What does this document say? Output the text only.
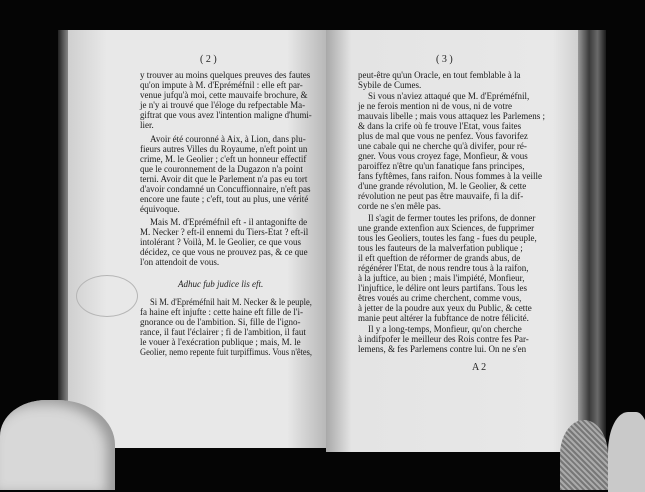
( 2 )
y trouver au moins quelques preuves des fautes
qu'on impute à M. d'Epréméfnil : elle eft par-
venue jufqu'à moi, cette mauvaife brochure, &
je n'y ai trouvé que l'éloge du refpectable Ma-
giftrat que vous avez l'intention maligne d'humi-
lier.
Avoir été couronné à Aix, à Lion, dans plu-
fieurs autres Villes du Royaume, n'eft point un
crime, M. le Geolier ; c'eft un honneur effectif
que le couronnement de la Dugazon n'a point
terni. Avoir dit que le Parlement n'a pas eu tort
d'avoir condamné un Concuffionnaire, n'eft pas
encore une faute ; c'eft, tout au plus, une vérité
équivoque.
Mais M. d'Epréméfnil eft - il antagonifte de
M. Necker ? eft-il ennemi du Tiers-Etat ? eft-il
intolérant ? Voilà, M. le Geolier, ce que vous
décidez, ce que vous ne prouvez pas, & ce que
l'on attendoit de vous.
Adhuc fub judice lis eft.
Si M. d'Epréméfnil hait M. Necker & le peuple,
fa haine eft injufte : cette haine eft fille de l'i-
gnorance ou de l'ambition. Si, fille de l'igno-
rance, il faut l'éclairer ; fi de l'ambition, il faut
le vouer à l'exécration publique ; mais, M. le
Geolier, nemo repente fuit turpiffimus. Vous n'êtes,
( 3 )
peut-être qu'un Oracle, en tout femblable à la
Sybile de Cumes.
Si vous n'aviez attaqué que M. d'Epréméfnil,
je ne ferois mention ni de vous, ni de votre
mauvais libelle ; mais vous attaquez les Parlemens ;
& dans la crife où fe trouve l'Etat, vous faites
plus de mal que vous ne penfez. Vous favorifez
une cabale qui ne cherche qu'à divifer, pour ré-
gner. Vous vous croyez fage, Monfieur, & vous
paroiffez n'être qu'un fanatique fans principes,
fans fyftêmes, fans raifon. Nous fommes à la veille
d'une grande révolution, M. le Geolier, & cette
révolution ne peut pas être mauvaife, fi la dif-
corde ne s'en mêle pas.
Il s'agit de fermer toutes les prifons, de donner
une grande extenfion aux Sciences, de fupprimer
tous les Geoliers, toutes les fang - fues du peuple,
tous les fauteurs de la malverfation publique ;
il eft queftion de réformer de grands abus, de
régénérer l'Etat, de nous rendre tous à la raifon,
à la juftice, au bien ; mais l'impiété, Monfieur,
l'injuftice, le délire ont leurs partifans. Tous les
êtres voués au crime cherchent, comme vous,
à jetter de la poudre aux yeux du Public, & cette
manie peut altérer la fubftance de notre félicité.
Il y a long-temps, Monfieur, qu'on cherche
à indifpofer le meilleur des Rois contre fes Par-
lemens, & fes Parlemens contre lui. On ne s'en
A 2
